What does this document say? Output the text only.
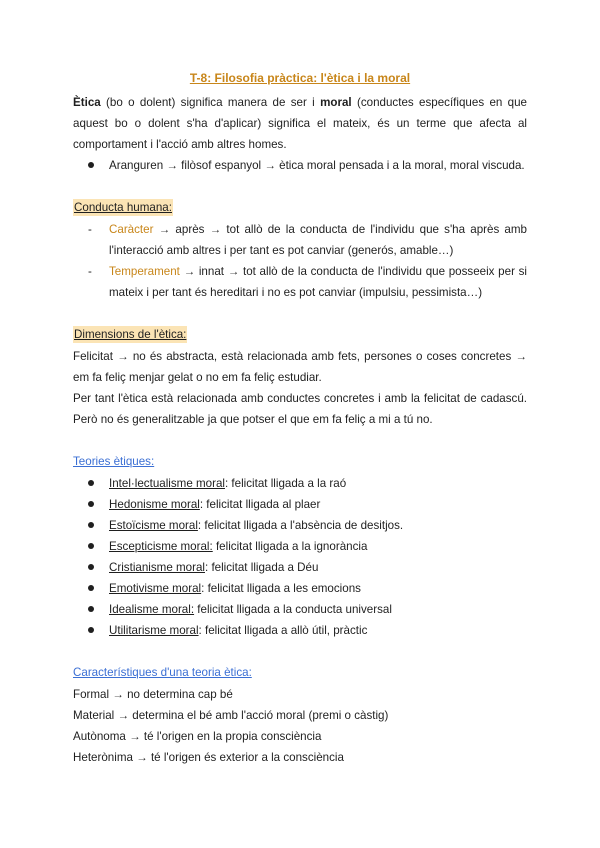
T-8: Filosofia pràctica: l'ètica i la moral

Ètica (bo o dolent) significa manera de ser i moral (conductes específiques en que aquest bo o dolent s'ha d'aplicar) significa el mateix, és un terme que afecta al comportament i l'acció amb altres homes.

Aranguren → filòsof espanyol → ètica moral pensada i a la moral, moral viscuda.
Conducta humana:
- Caràcter → après → tot allò de la conducta de l'individu que s'ha après amb l'interacció amb altres i per tant es pot canviar (generós, amable…)
- Temperament → innat → tot allò de la conducta de l'individu que posseeix per si mateix i per tant és hereditari i no es pot canviar (impulsiu, pessimista…)
Dimensions de l'ètica:

Felicitat → no és abstracta, està relacionada amb fets, persones o coses concretes → em fa feliç menjar gelat o no em fa feliç estudiar.

Per tant l'ètica està relacionada amb conductes concretes i amb la felicitat de cadascú. Però no és generalitzable ja que potser el que em fa feliç a mi a tú no.

Teories ètiques:
Intel·lectualisme moral: felicitat lligada a la raó
Hedonisme moral: felicitat lligada al plaer
Estoïcisme moral: felicitat lligada a l'absència de desitjos.
Escepticisme moral: felicitat lligada a la ignorància
Cristianisme moral: felicitat lligada a Déu
Emotivisme moral: felicitat lligada a les emocions
Idealisme moral: felicitat lligada a la conducta universal
Utilitarisme moral: felicitat lligada a allò útil, pràctic
Característiques d'una teoria ètica:

Formal → no determina cap bé

Material → determina el bé amb l'acció moral (premi o càstig)

Autònoma → té l'origen en la propia consciència

Heterònima → té l'origen és exterior a la consciència
